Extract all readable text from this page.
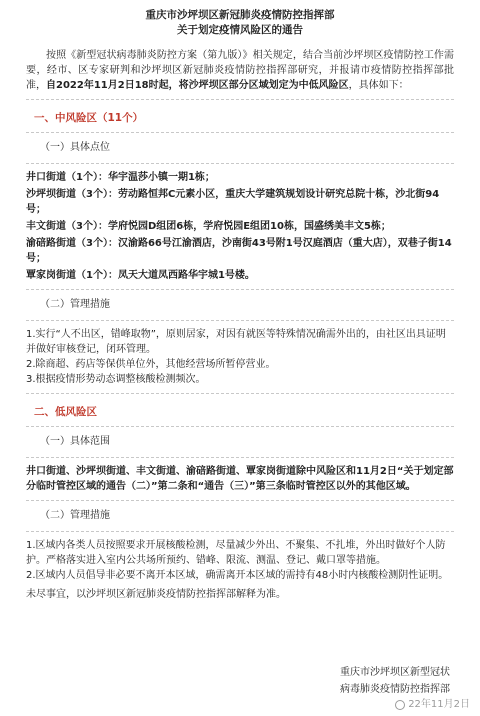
重庆市沙坪坝区新冠肺炎疫情防控指挥部
关于划定疫情风险区的通告
按照《新型冠状病毒肺炎防控方案（第九版）》相关规定，结合当前沙坪坝区疫情防控工作需要，经市、区专家研判和沙坪坝区新冠肺炎疫情防控指挥部研究，并报请市疫情防控指挥部批准，自2022年11月2日18时起，将沙坪坝区部分区域划定为中低风险区，具体如下：
一、中风险区（11个）
（一）具体点位
井口街道（1个）：华宇温莎小镇一期1栋；
沙坪坝街道（3个）：劳动路恒邦C元素小区，重庆大学建筑规划设计研究总院十栋，沙北街94号；
丰文街道（3个）：学府悦园D组团6栋，学府悦园E组团10栋，国盛绣美丰文5栋；
渝碚路街道（3个）：汉渝路66号江渝酒店，沙南街43号附1号汉庭酒店（重大店），双巷子街14号；
覃家岗街道（1个）：凤天大道凤西路华宇城1号楼。
（二）管理措施
1.实行“人不出区，错峰取物”，原则居家，对因有就医等特殊情况确需外出的，由社区出具证明并做好审核登记，闭环管理。
2.除商超、药店等保供单位外，其他经营场所暂停营业。
3.根据疫情形势动态调整核酸检测频次。
二、低风险区
（一）具体范围
井口街道、沙坪坝街道、丰文街道、渝碚路街道、覃家岗街道除中风险区和11月2日“关于划定部分临时管控区域的通告（二）”第二条和“通告（三）”第三条临时管控区以外的其他区域。
（二）管理措施
1.区域内各类人员按照要求开展核酸检测，尽量减少外出、不聚集、不扎堆，外出时做好个人防护。严格落实进入室内公共场所预约、错峰、限流、测温、登记、戴口罩等措施。
2.区域内人员倡导非必要不离开本区域，确需离开本区域的需持有48小时内核酸检测阴性证明。
未尽事宜，以沙坪坝区新冠肺炎疫情防控指挥部解释为准。
重庆市沙坪坝区新型冠状
病毒肺炎疫情防控指挥部
22年11月2日
